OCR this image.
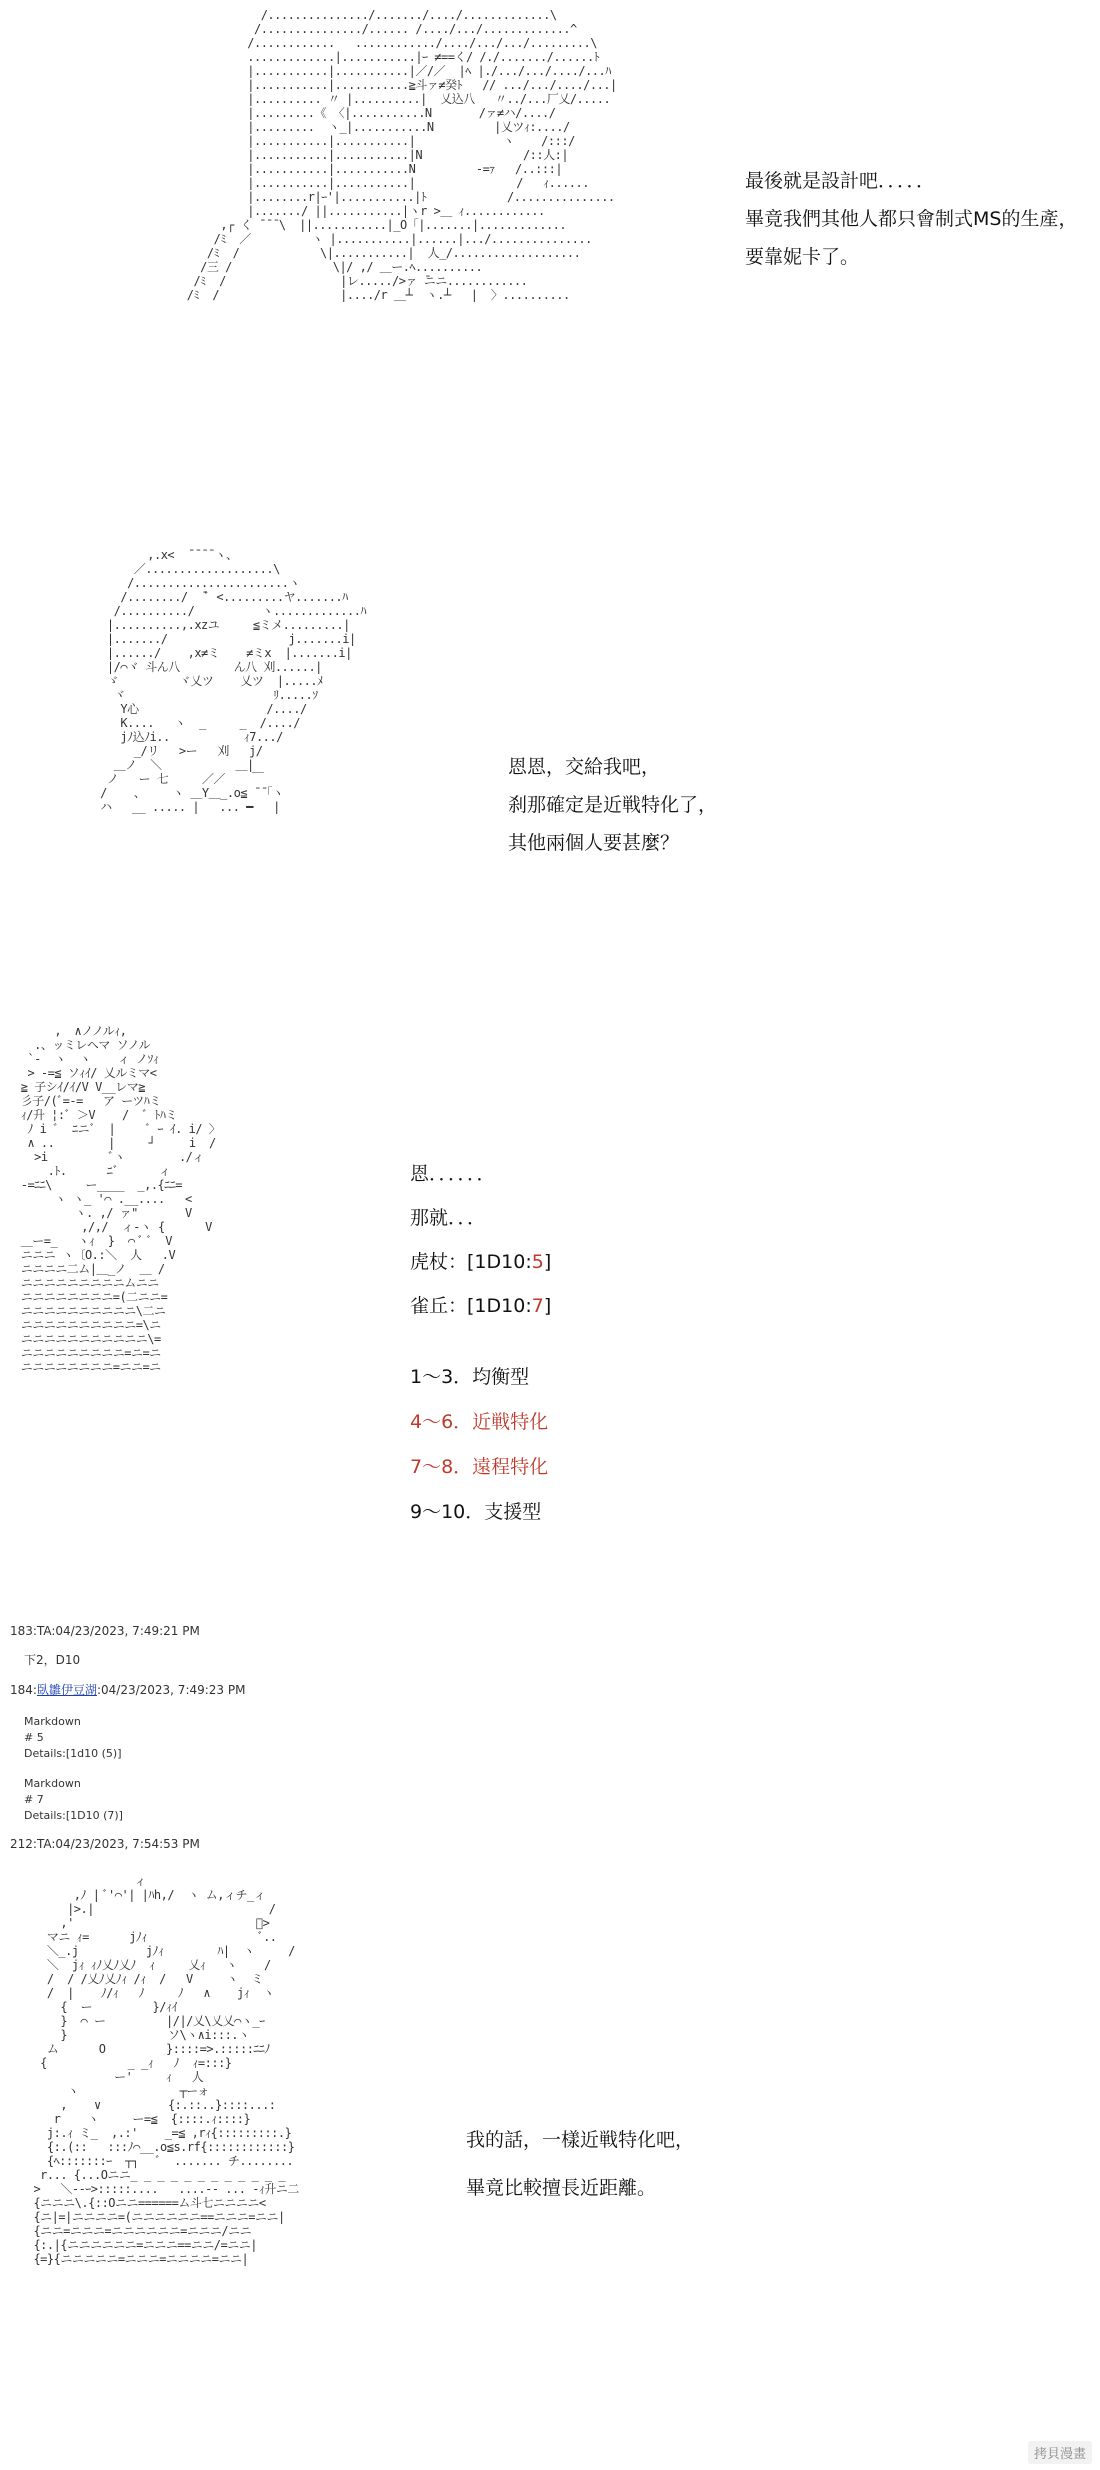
/.............../......./..../.............\
/.............../...... /..../.../.............^
/............   ............/..../.../.../.........\
.............|...........|ｰ ≠==く/ /./......./......ﾄ
|...........|...........|／/／  |ﾍ |./.../.../..../...ﾊ
|...........|...........≧斗ァ≠癸ﾄ   // .../.../..../...|
|.......... 〃 |..........|  乂込八   〃../...厂乂/.....
|.........《 〈|...........N       /ァ≠ハ/..../
|.........  ヽ_|...........N         |乂ツｨ:..../
|...........|...........|             ヽ    /:::/
|...........|...........|N               /::人:|
|...........|...........N         -=ｧ   /..:::|
|...........|...........|               /   ｨ......
|........r|ｰ'|...........|ﾄ            /...............
|......./ ||...........|ヽr >＿ ｨ............
,┌ く ̄ ̄ ̄ \  ||...........|_O「|.......|.............
/ﾐ  ／         ヽ |...........|......|.../...............
/ﾐ  /            \|...........|  人_/...................
/三 /               \|/ ,/ ＿ー.ﾍ..........
/ﾐ  /                 |レ...../>ァ ̄ニニ............
/ﾐ  /                  |..../r ＿┴  ヽ.┴   |  〉..........
最後就是設計吧．．．．．
畢竟我們其他人都只會制式MS的生產，
要靠妮卡了。
,.x<  ̄ ̄ ̄ ̄ ヽ、
／...................\
/.......................ヽ
/......../  ̄ ﾞ <.........ヤ.......ﾊ
/........../          ヽ.............ﾊ
|..........,.xzユ     ≦ミメ.........|
|......./                  j.......i|
|....../    ,x≠ミ    ≠ミx  |.......i|
|/⌒ヾ 斗ん八        ん八 刈......|
ゞ         ヾ乂ツ    乂ツ  |.....ﾒ
ヾ                      ﾘ.....ｿ
Y心                   /..../
K....   ヽ  _     _  /..../
jﾉ込ﾉi..           ｨ7.../
_/リ   >ー   刈   j/
＿ノ  ＼           ＿|
ノ   ー 七     ／／    ￣
/    、    ヽ ＿Y＿_.o≦ ̄ ̄「ヽ
ハ   __ ..... |   ... ━   |
恩恩，交給我吧，
刹那確定是近戦特化了，
其他兩個人要甚麼？
,  ∧ノノルｨ,
.、ッミレヘマ ソノル
`-  ヽ  ヽ    ィ ノｿｨ
> -=≦ ソｨｲ/ 乂ルミマ<
≧ 子シｲ/ｲ/V V__レマ≧
彡子/(ﾞ=-=   ア ーツﾊミ
ｨ/升 ¦:ﾞ ＞V    /  ﾞ ﾄﾊミ
ﾉ i ﾞ  ﾆニﾞ  |     ﾞ ｰ ｲ. i/ 〉
∧ ..        |     ┘     i  /
>i         ﾞヽ        ./ィ
.ﾄ.      ﾆﾞ      ィ
-=ﾆﾆ\     ー____  _,.{ﾆﾆ=
ヽ ヽ_ '⌒ .__....   <
ヽ. ,/ ァ"       V
,/,/  ィ-ヽ {      V
＿ー=_   ヽｨ  }  ⌒ ﾞ ﾞ  V
ニニニ ヽ〔O.:＼  人   .V
ニニニニ二ム|＿_ノ  ＿ /
ニニニニニニニニニムニニ
ニニニニニニニニ=(二ニニ=
ニニニニニニニニニニ\二ニ
ニニニニニニニニニニ=\ニ
ニニニニニニニニニニニ\=
ニニニニニニニニニ=ニ=ニ
ニニニニニニニニ=ニニ=ニ
恩．．．．．．
那就．．．
虎杖：[1D10:5]
雀丘：[1D10:7]
1～3．均衡型
4～6．近戦特化
7～8．遠程特化
9～10．支援型
183:TA:04/23/2023, 7:49:21 PM
下2，D10
184:臥雛伊豆湖:04/23/2023, 7:49:23 PM
Markdown
# 5
Details:[1d10 (5)]
Markdown
# 7
Details:[1D10 (7)]
212:TA:04/23/2023, 7:54:53 PM
ィ
,ﾉ | ﾞ'⌒'| |ﾊh,/  ヽ ム,ィチ_ィ
|>.|                          /
,'                           ﾞ>
マニ ｨ=      jﾉｨ                 ﾞ..
＼_.j          jﾉｨ        ﾊ|  ヽ     /
＼  jｨ ｨﾉ乂ﾉ乂ﾉ  ｨ     乂ｨ   ヽ    /
/  / /乂ﾉ乂ﾉｨ /ｨ  /   V     ヽ  ミ
/  |    ﾉ/ｨ   ﾉ     ﾉ   ∧    jｨ  ヽ
{  ー         }/ｨｲ
}  ⌒ ー         |/|/乂\乂乂⌒ヽ_ｰ
}               ソ\ヽ∧i:::.ヽ
ム      O         }::::=>.:::::ﾆﾆﾉ
{            _ _ｨ   ﾉ  ｨ=:::}
ー'     ｨ   人
ヽ               ┬ーォ
,    ∨          {:.::..}::::...:
r    ヽ     ー=≦  {::::.ｨ::::}
j:.ｨ ミ_  ,.:'    _=≦ ,rｨ{:::::::::.}
{:.(::   :::ﾉ⌒__.o≦s.rf{::::::::::::}
{ﾍ:::::::ｰ  ┬┐   ﾞ  ....... チ........
r... {...Oニニ_ _ _ _ _ _ _ _ _ _ _ _
>   ＼--ｰ>:::::....   ....-- ... -ｨ升ニ二
{ニニニ\.{::Oニニ======ム斗七ニニニニ<
{ニ|=|ニニニニ=(ニニニニニニ==ニニニ=ニニ|
{ニニ=ニニニ=ニニニニニニ=ニニニ/ニニ
{:.|{ニニニニニニ=ニニニ==ニニ/=ニニ|
{=}{ニニニニニ=ニニニ=ニニニニ=ニニ|
我的話，一樣近戦特化吧，
畢竟比較擅長近距離。
拷貝漫畫
